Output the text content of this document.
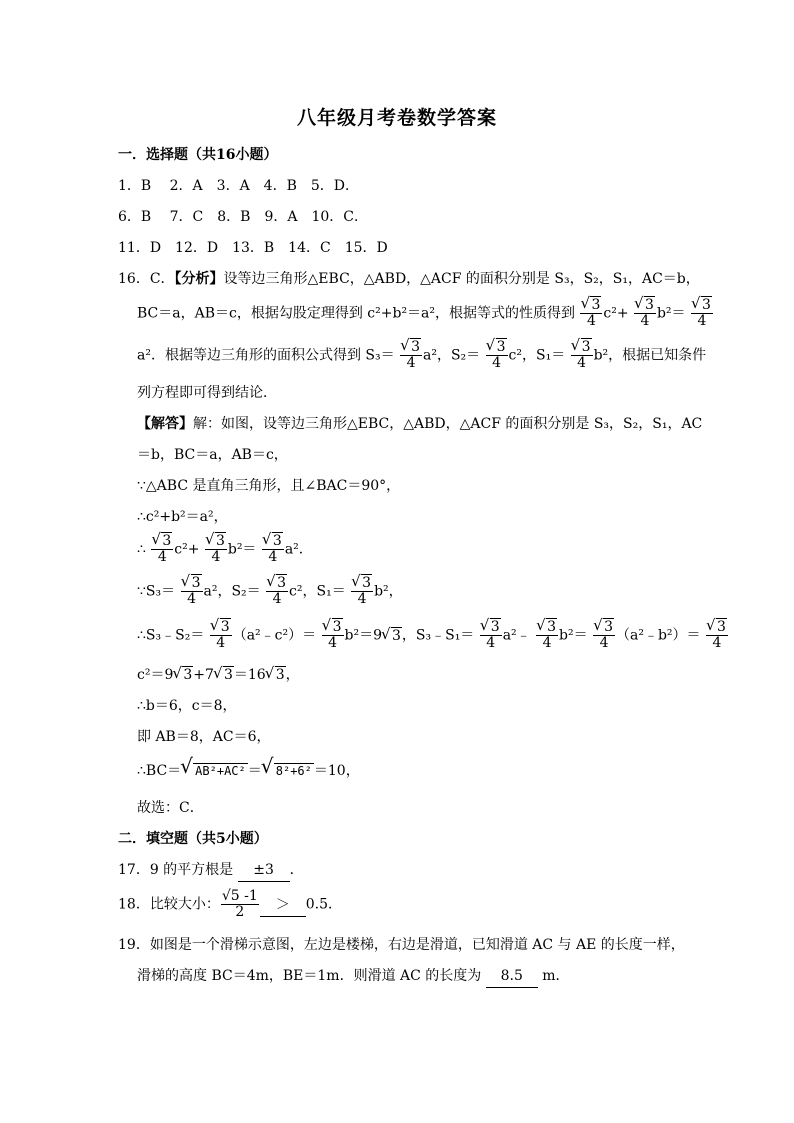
八年级月考卷数学答案
一．选择题（共16小题）
1．B　 2．A　3．A　4．B　5．D．
6．B　 7．C　8．B　9．A　10．C．
11．D　12．D　13．B　14．C　15．D
16．C．【分析】设等边三角形△EBC，△ABD，△ACF 的面积分别是 S₃，S₂，S₁，AC＝b，
BC＝a，AB＝c，根据勾股定理得到 c²+b²＝a²，根据等式的性质得到
√ $\frac{3}{4} c^2+$
√ $\frac{3}{4} b^2=$
√ $\frac{3}{4}$
a²．根据等边三角形的面积公式得到 S₃＝
√ $\frac{3}{4} a^2$，S₂＝
√ $\frac{3}{4} c^2$，S₁＝
√ $\frac{3}{4} b^2$，根据已知条件
列方程即可得到结论．
【解答】解：如图，设等边三角形△EBC，△ABD，△ACF 的面积分别是 S₃，S₂，S₁，AC
＝b，BC＝a，AB＝c，
∵△ABC 是直角三角形，且∠BAC＝90°，
∴c²+b²＝a²，
∴
√ $\frac{3}{4} c^2+$
√ $\frac{3}{4} b^2=$
√ $\frac{3}{4} a^2$．
∵S₃＝
√ $\frac{3}{4} a^2$，S₂＝
√ $\frac{3}{4} c^2$，S₁＝
√ $\frac{3}{4} b^2$，
∴S₃﹣S₂＝
√ $\frac{3}{4}$ （a²﹣c²）＝
√ $\frac{3}{4} b^2=9√$ 3，S₃﹣S₁＝
√ $\frac{3}{4}$ a²﹣
√ $\frac{3}{4} b^2=$
√ $\frac{3}{4}$ （a²﹣b²）＝
√ $\frac{3}{4}$
c²＝9√ 3+7√ 3＝16√ 3，
∴b＝6，c＝8，
即 AB＝8，AC＝6，
∴BC＝√ AB²+AC² ＝√ 8²+6² ＝10，
故选：C．
二．填空题（共5小题）
17．9 的平方根是 ±3 ．
18．比较大小： $\frac{√5 -1}{2} > 0.5$．
19．如图是一个滑梯示意图，左边是楼梯，右边是滑道，已知滑道 AC 与 AE 的长度一样，
滑梯的高度 BC＝4m，BE＝1m．则滑道 AC 的长度为 8.5 m．
